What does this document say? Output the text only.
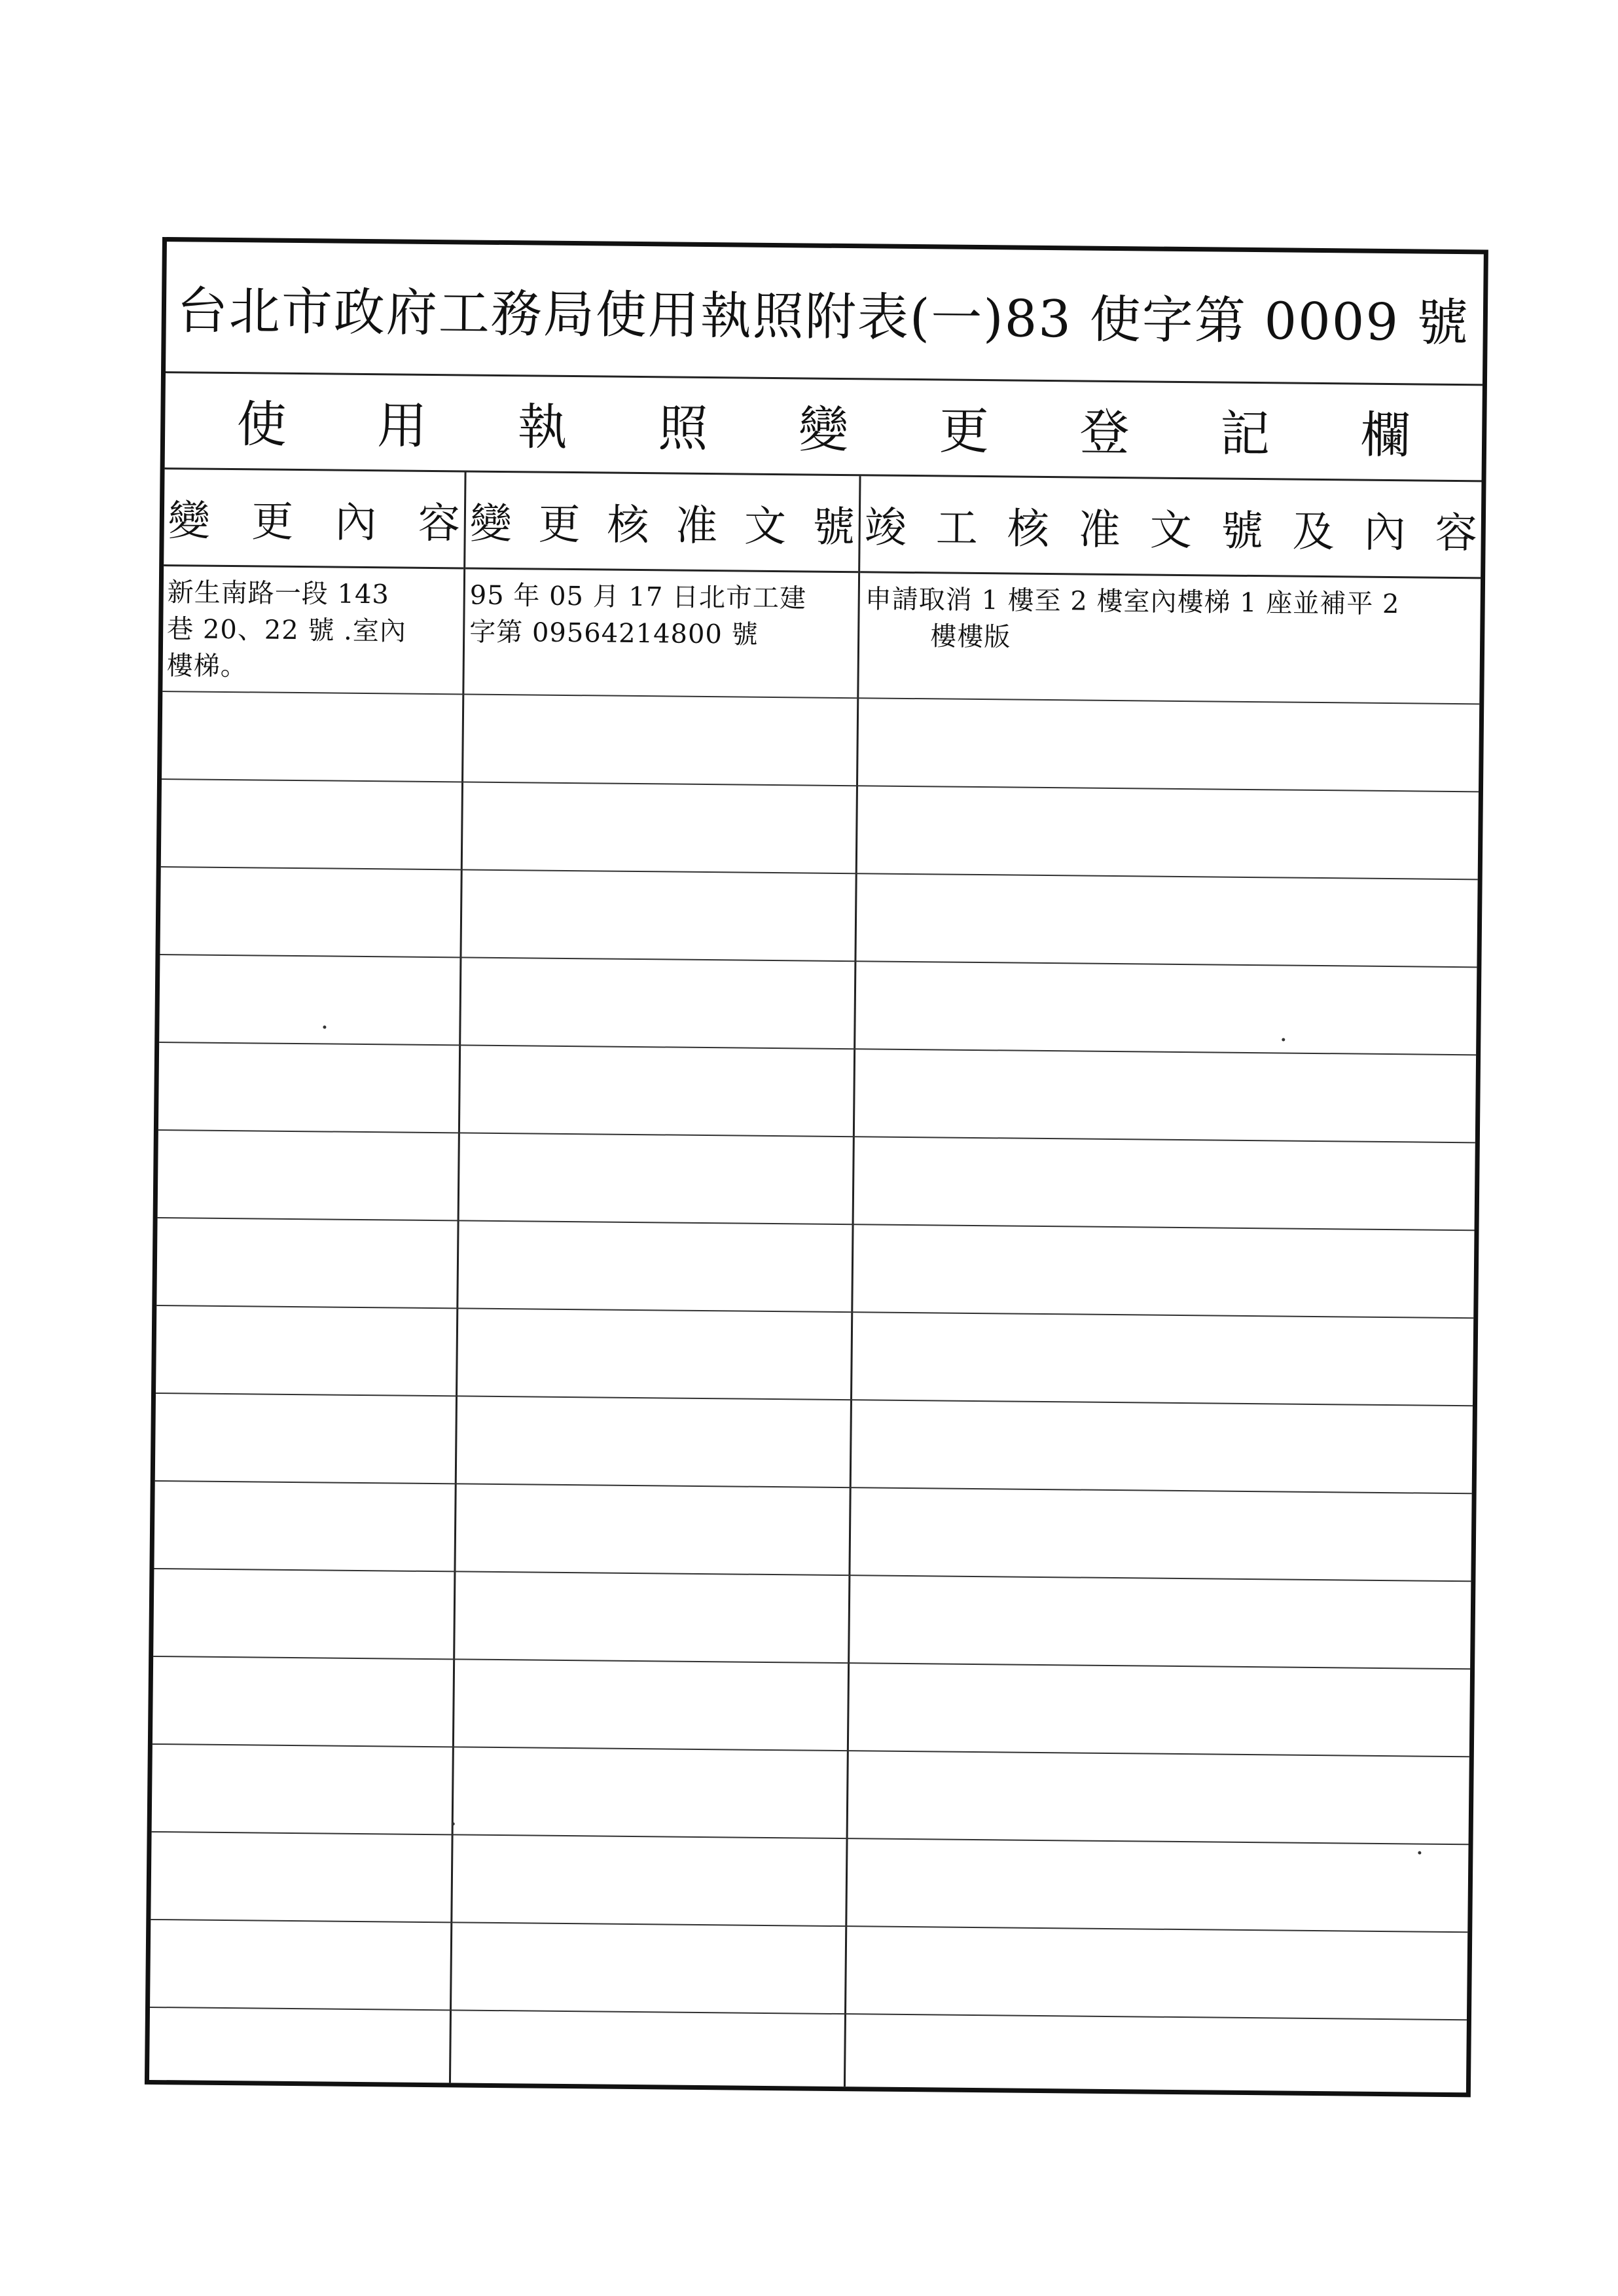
台北市政府工務局使用執照附表(一)83 使字第 0009 號
使 用 執 照 變 更 登 記 欄
變 更 內 容 變 更 核 准 文 號 竣 工 核 准 文 號 及 內 容
新生南路一段 143
巷 20、22 號 .室內
樓梯。
95 年 05 月 17 日北市工建
字第 09564214800 號
申請取消 1 樓至 2 樓室內樓梯 1 座並補平 2
樓樓版
